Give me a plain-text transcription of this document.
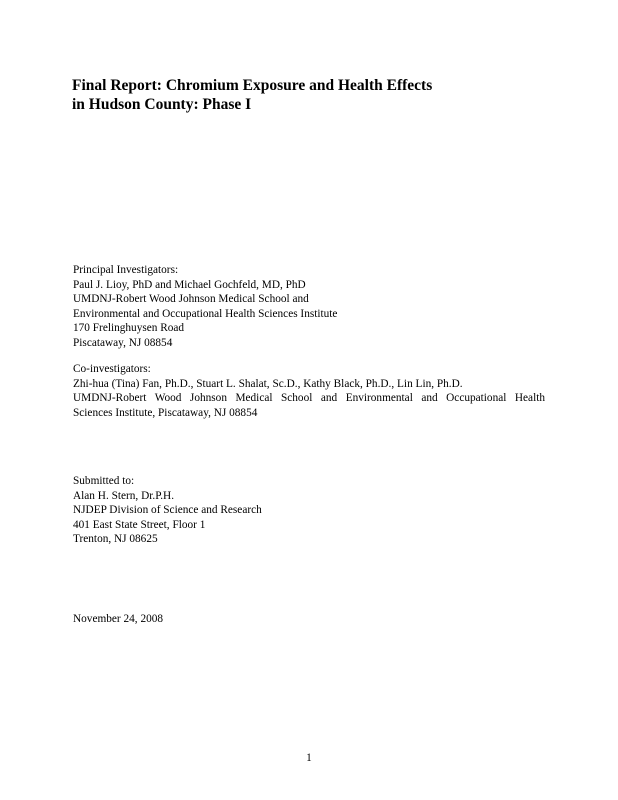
Final Report: Chromium Exposure and Health Effects
in Hudson County: Phase I
Principal Investigators:
Paul J. Lioy, PhD and Michael Gochfeld, MD, PhD
UMDNJ-Robert Wood Johnson Medical School and
Environmental and Occupational Health Sciences Institute
170 Frelinghuysen Road
Piscataway, NJ 08854
Co-investigators:
Zhi-hua (Tina) Fan, Ph.D., Stuart L. Shalat, Sc.D., Kathy Black, Ph.D., Lin Lin, Ph.D.
UMDNJ-Robert Wood Johnson Medical School and Environmental and Occupational Health
Sciences Institute, Piscataway, NJ 08854
Submitted to:
Alan H. Stern, Dr.P.H.
NJDEP Division of Science and Research
401 East State Street, Floor 1
Trenton, NJ 08625
November 24, 2008
1
